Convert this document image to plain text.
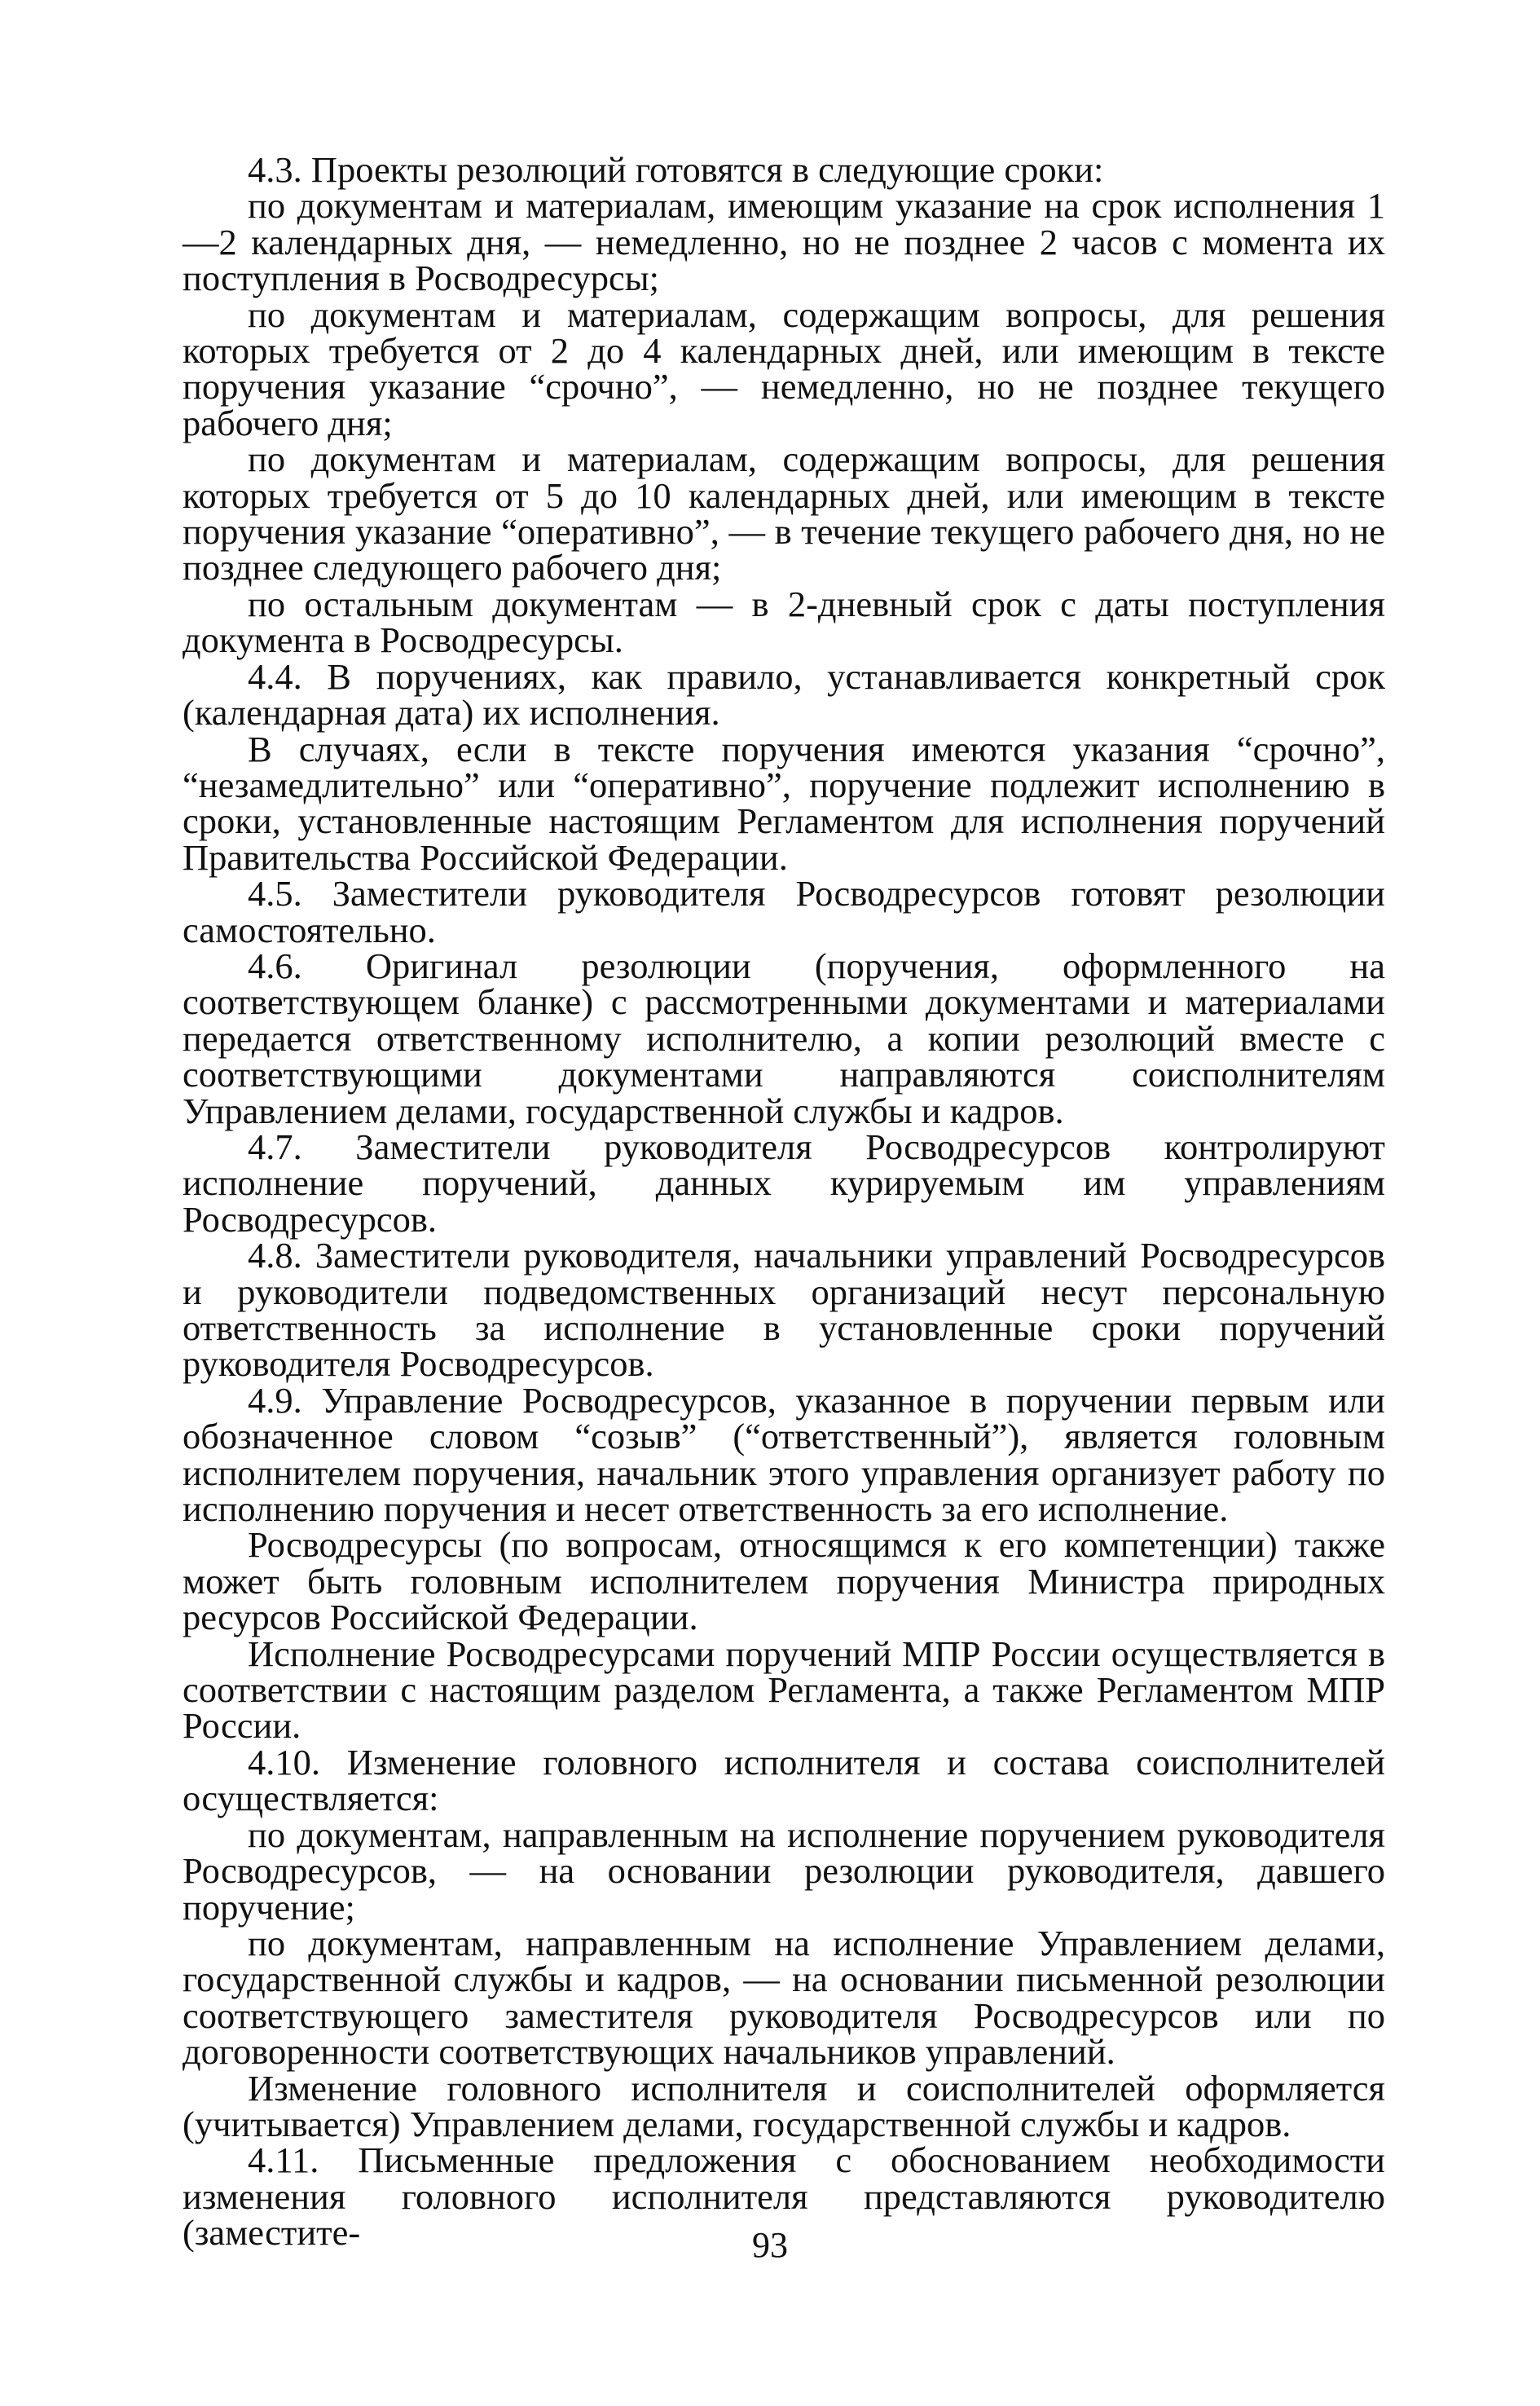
4.3. Проекты резолюций готовятся в следующие сроки:

по документам и материалам, имеющим указание на срок исполнения 1—2 календарных дня, — немедленно, но не позднее 2 часов с момента их поступления в Росводресурсы;

по документам и материалам, содержащим вопросы, для решения которых требуется от 2 до 4 календарных дней, или имеющим в тексте поручения указание “срочно”, — немедленно, но не позднее текущего рабочего дня;

по документам и материалам, содержащим вопросы, для решения которых требуется от 5 до 10 календарных дней, или имеющим в тексте поручения указание “оперативно”, — в течение текущего рабочего дня, но не позднее следующего рабочего дня;

по остальным документам — в 2-дневный срок с даты поступления документа в Росводресурсы.

4.4. В поручениях, как правило, устанавливается конкретный срок (календарная дата) их исполнения.

В случаях, если в тексте поручения имеются указания “срочно”, “незамедлительно” или “оперативно”, поручение подлежит исполнению в сроки, установленные настоящим Регламентом для исполнения поручений Правительства Российской Федерации.

4.5. Заместители руководителя Росводресурсов готовят резолюции самостоятельно.

4.6. Оригинал резолюции (поручения, оформленного на соответствующем бланке) с рассмотренными документами и материалами передается ответственному исполнителю, а копии резолюций вместе с соответствующими документами направляются соисполнителям Управлением делами, государственной службы и кадров.

4.7. Заместители руководителя Росводресурсов контролируют исполнение поручений, данных курируемым им управлениям Росводресурсов.

4.8. Заместители руководителя, начальники управлений Росводресурсов и руководители подведомственных организаций несут персональную ответственность за исполнение в установленные сроки поручений руководителя Росводресурсов.

4.9. Управление Росводресурсов, указанное в поручении первым или обозначенное словом “созыв” (“ответственный”), является головным исполнителем поручения, начальник этого управления организует работу по исполнению поручения и несет ответственность за его исполнение.

Росводресурсы (по вопросам, относящимся к его компетенции) также может быть головным исполнителем поручения Министра природных ресурсов Российской Федерации.

Исполнение Росводресурсами поручений МПР России осуществляется в соответствии с настоящим разделом Регламента, а также Регламентом МПР России.

4.10. Изменение головного исполнителя и состава соисполнителей осуществляется:

по документам, направленным на исполнение поручением руководителя Росводресурсов, — на основании резолюции руководителя, давшего поручение;

по документам, направленным на исполнение Управлением делами, государственной службы и кадров, — на основании письменной резолюции соответствующего заместителя руководителя Росводресурсов или по договоренности соответствующих начальников управлений.

Изменение головного исполнителя и соисполнителей оформляется (учитывается) Управлением делами, государственной службы и кадров.

4.11. Письменные предложения с обоснованием необходимости изменения головного исполнителя представляются руководителю (заместите-	93
